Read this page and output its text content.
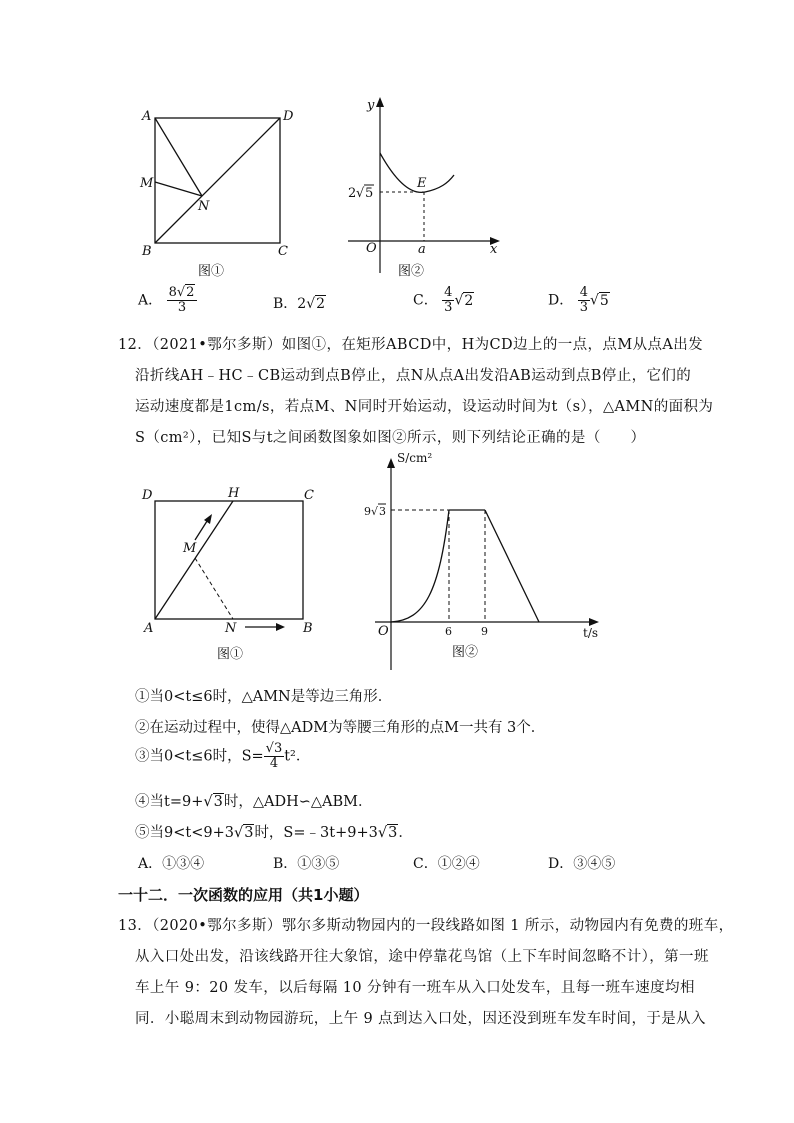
A	D
M
N
B	C
图①
y
x
O	a
E
2 √ 5
图②
A． $\frac{8√2}{3}$	B．2√2	C． $\frac{4}{3} √2$	D． $\frac{4}{3} √5$
12．（2021•鄂尔多斯）如图①，在矩形ABCD中，H为CD边上的一点，点M从点A出发
沿折线AH﹣HC﹣CB运动到点B停止，点N从点A出发沿AB运动到点B停止，它们的
运动速度都是1cm/s，若点M、N同时开始运动，设运动时间为t（s），△AMN的面积为
S（cm²），已知S与t之间函数图象如图②所示，则下列结论正确的是（　　）
D	H	C
M
A	N	B
图①
S/cm²
t/s
O	6	9
9 √ 3
图②
①当0<t≤6时，△AMN是等边三角形．
②在运动过程中，使得△ADM为等腰三角形的点M一共有 3个．
③当0<t≤6时，$S= \frac{√3}{4} t^2$．
④当t=9+√3时，△ADH∽△ABM．
⑤当9<t<9+3√3时，S=﹣3t+9+3√3．
A．①③④	B．①③⑤	C．①②④	D．③④⑤
一十二．一次函数的应用（共1小题）
13．（2020•鄂尔多斯）鄂尔多斯动物园内的一段线路如图 1 所示，动物园内有免费的班车，
从入口处出发，沿该线路开往大象馆，途中停靠花鸟馆（上下车时间忽略不计），第一班
车上午 9：20 发车，以后每隔 10 分钟有一班车从入口处发车，且每一班车速度均相
同．小聪周末到动物园游玩，上午 9 点到达入口处，因还没到班车发车时间，于是从入
